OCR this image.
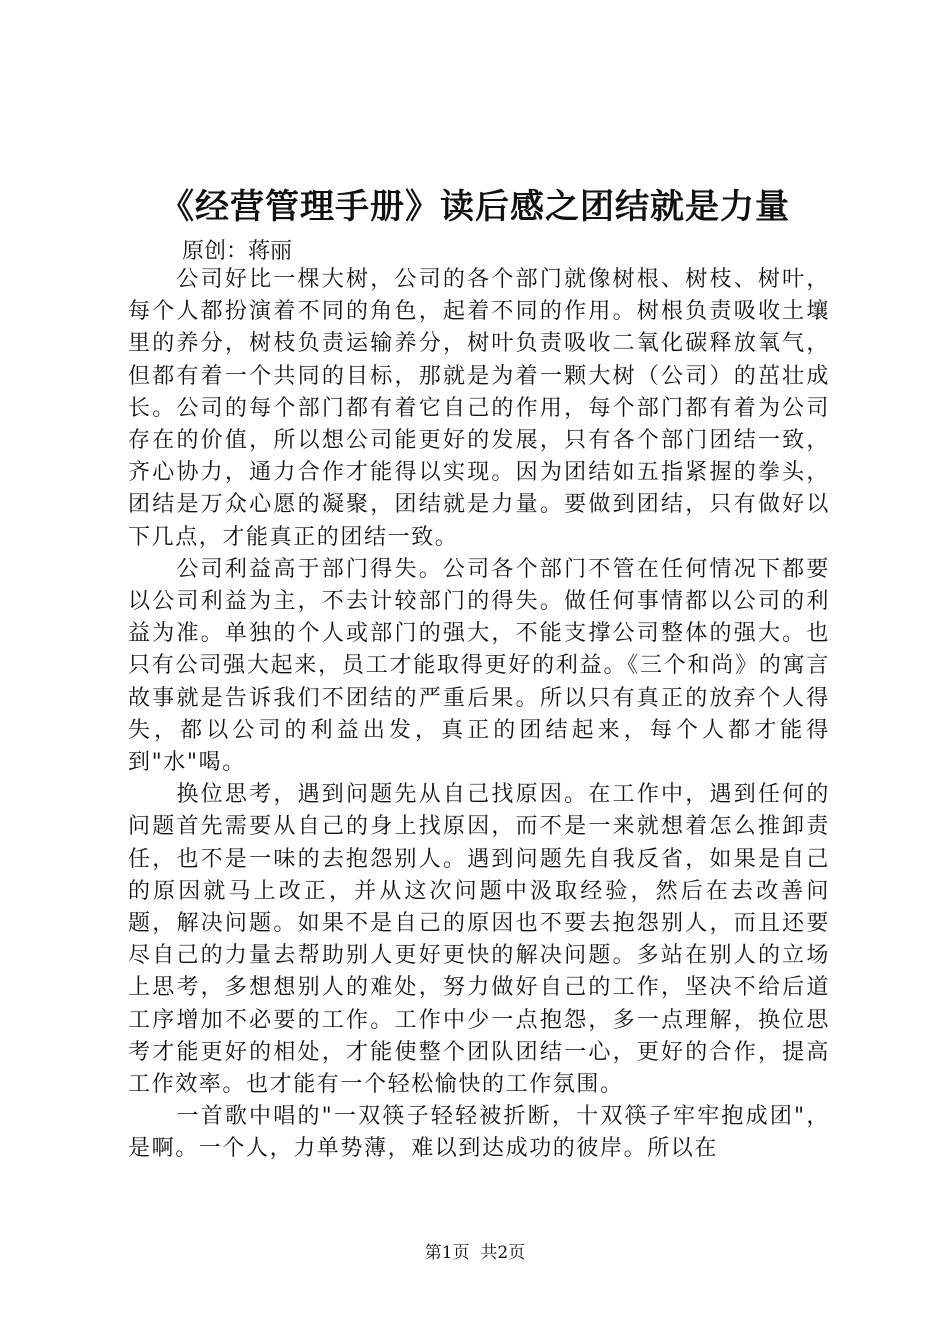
《经营管理手册》读后感之团结就是力量
原创：蒋丽

公司好比一棵大树，公司的各个部门就像树根、树枝、树叶，每个人都扮演着不同的角色，起着不同的作用。树根负责吸收土壤里的养分，树枝负责运输养分，树叶负责吸收二氧化碳释放氧气，但都有着一个共同的目标，那就是为着一颗大树（公司）的茁壮成长。公司的每个部门都有着它自己的作用，每个部门都有着为公司存在的价值，所以想公司能更好的发展，只有各个部门团结一致，齐心协力，通力合作才能得以实现。因为团结如五指紧握的拳头，团结是万众心愿的凝聚，团结就是力量。要做到团结，只有做好以下几点，才能真正的团结一致。

公司利益高于部门得失。公司各个部门不管在任何情况下都要以公司利益为主，不去计较部门的得失。做任何事情都以公司的利益为准。单独的个人或部门的强大，不能支撑公司整体的强大。也只有公司强大起来，员工才能取得更好的利益。《三个和尚》的寓言故事就是告诉我们不团结的严重后果。所以只有真正的放弃个人得失，都以公司的利益出发，真正的团结起来，每个人都才能得到"水"喝。

换位思考，遇到问题先从自己找原因。在工作中，遇到任何的问题首先需要从自己的身上找原因，而不是一来就想着怎么推卸责任，也不是一味的去抱怨别人。遇到问题先自我反省，如果是自己的原因就马上改正，并从这次问题中汲取经验，然后在去改善问题，解决问题。如果不是自己的原因也不要去抱怨别人，而且还要尽自己的力量去帮助别人更好更快的解决问题。多站在别人的立场上思考，多想想别人的难处，努力做好自己的工作，坚决不给后道工序增加不必要的工作。工作中少一点抱怨，多一点理解，换位思考才能更好的相处，才能使整个团队团结一心，更好的合作，提高工作效率。也才能有一个轻松愉快的工作氛围。

一首歌中唱的"一双筷子轻轻被折断，十双筷子牢牢抱成团"，是啊。一个人，力单势薄，难以到达成功的彼岸。所以在

第1页  共2页
